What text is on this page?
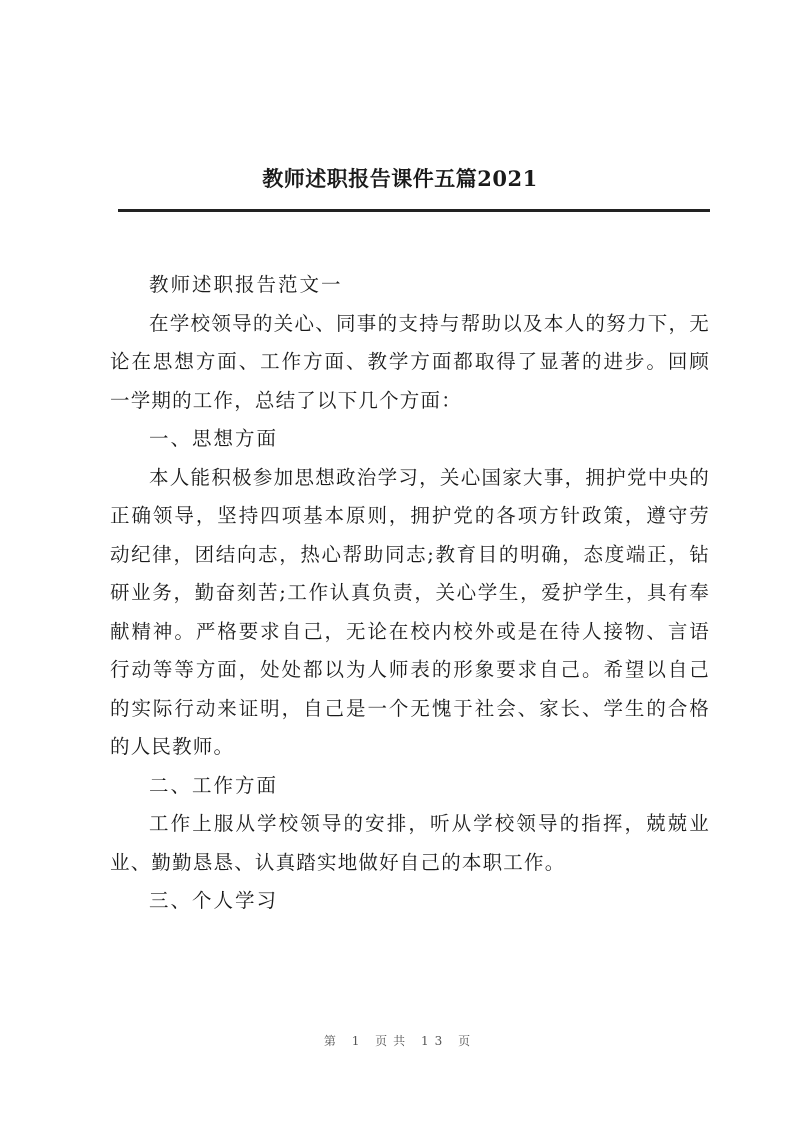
教师述职报告课件五篇2021

教师述职报告范文一

在学校领导的关心、同事的支持与帮助以及本人的努力下，无论在思想方面、工作方面、教学方面都取得了显著的进步。回顾一学期的工作，总结了以下几个方面：

一、思想方面

本人能积极参加思想政治学习，关心国家大事，拥护党中央的正确领导，坚持四项基本原则，拥护党的各项方针政策，遵守劳动纪律，团结向志，热心帮助同志;教育目的明确，态度端正，钻研业务，勤奋刻苦;工作认真负责，关心学生，爱护学生，具有奉献精神。严格要求自己，无论在校内校外或是在待人接物、言语行动等等方面，处处都以为人师表的形象要求自己。希望以自己的实际行动来证明，自己是一个无愧于社会、家长、学生的合格的人民教师。

二、工作方面

工作上服从学校领导的安排，听从学校领导的指挥，兢兢业业、勤勤恳恳、认真踏实地做好自己的本职工作。

三、个人学习

第 1 页共 13 页
